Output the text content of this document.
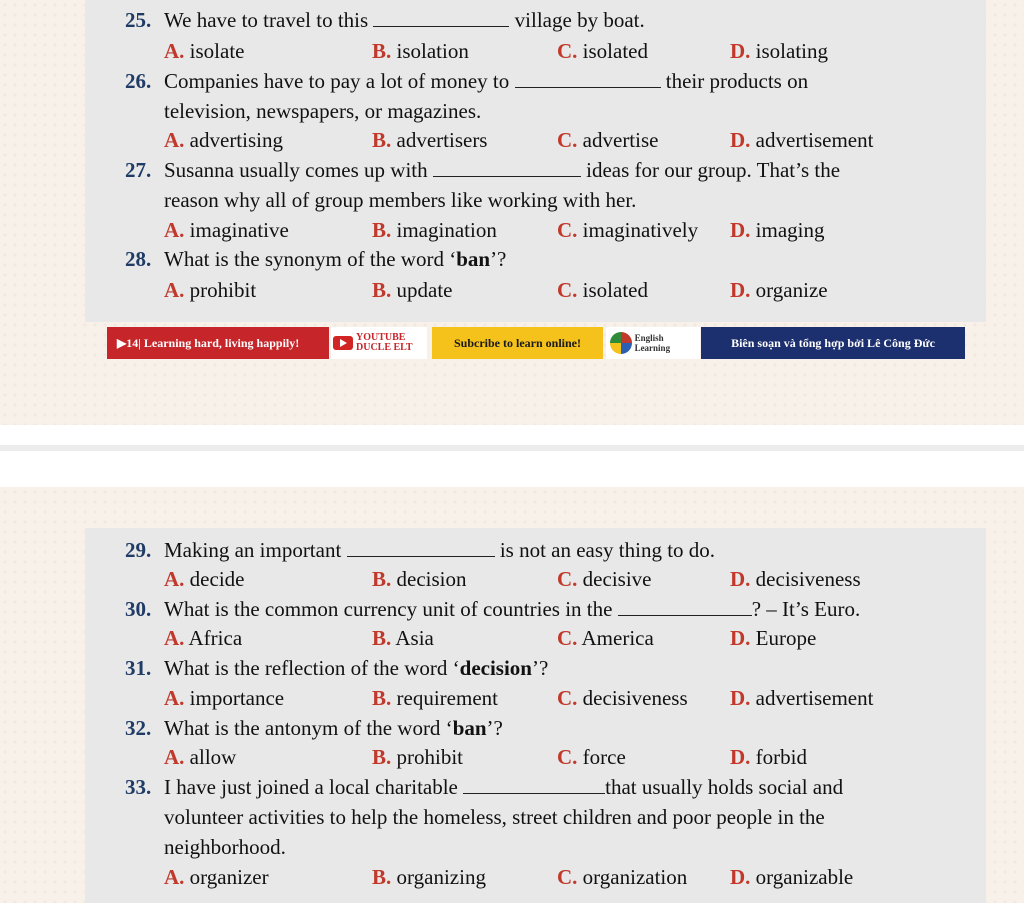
25. We have to travel to this	village by boat.
A. isolate	B. isolation	C. isolated	D. isolating
26. Companies have to pay a lot of money to	their products on
television, newspapers, or magazines.
A. advertising	B. advertisers	C. advertise	D. advertisement
27. Susanna usually comes up with	ideas for our group. That’s the
reason why all of group members like working with her.
A. imaginative	B. imagination	C. imaginatively D. imaging
28. What is the synonym of the word ‘ban’?
A. prohibit	B. update	C. isolated	D. organize
▶14| Learning hard, living happily!	YOUTUBE
DUCLE ELT	Subcribe to learn online!	English Learning	Biên soạn và tổng hợp bởi Lê Công Đức
29. Making an important	is not an easy thing to do.
A. decide	B. decision	C. decisive	D. decisiveness
30. What is the common currency unit of countries in the	? – It’s Euro.
A. Africa	B. Asia	C. America	D. Europe
31. What is the reflection of the word ‘decision’?
A. importance	B. requirement	C. decisiveness D. advertisement
32. What is the antonym of the word ‘ban’?
A. allow	B. prohibit	C. force	D. forbid
33. I have just joined a local charitable	that usually holds social and
volunteer activities to help the homeless, street children and poor people in the
neighborhood.
A. organizer	B. organizing	C. organization D. organizable
